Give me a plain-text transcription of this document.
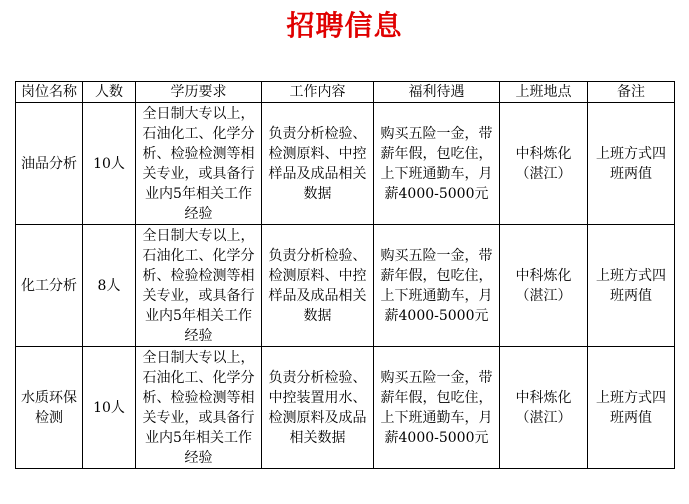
招聘信息
岗位名称	人数	学历要求	工作内容	福利待遇	上班地点	备注
油品分析	10人	全日制大专以上，石油化工、化学分析、检验检测等相关专业，或具备行业内5年相关工作经验	负责分析检验、检测原料、中控样品及成品相关数据	购买五险一金，带薪年假，包吃住，上下班通勤车，月薪4000-5000元	中科炼化（湛江）	上班方式四班两值
化工分析	8人	全日制大专以上，石油化工、化学分析、检验检测等相关专业，或具备行业内5年相关工作经验	负责分析检验、检测原料、中控样品及成品相关数据	购买五险一金，带薪年假，包吃住，上下班通勤车，月薪4000-5000元	中科炼化（湛江）	上班方式四班两值
水质环保检测	10人	全日制大专以上，石油化工、化学分析、检验检测等相关专业，或具备行业内5年相关工作经验	负责分析检验、中控装置用水、检测原料及成品相关数据	购买五险一金，带薪年假，包吃住，上下班通勤车，月薪4000-5000元	中科炼化（湛江）	上班方式四班两值
